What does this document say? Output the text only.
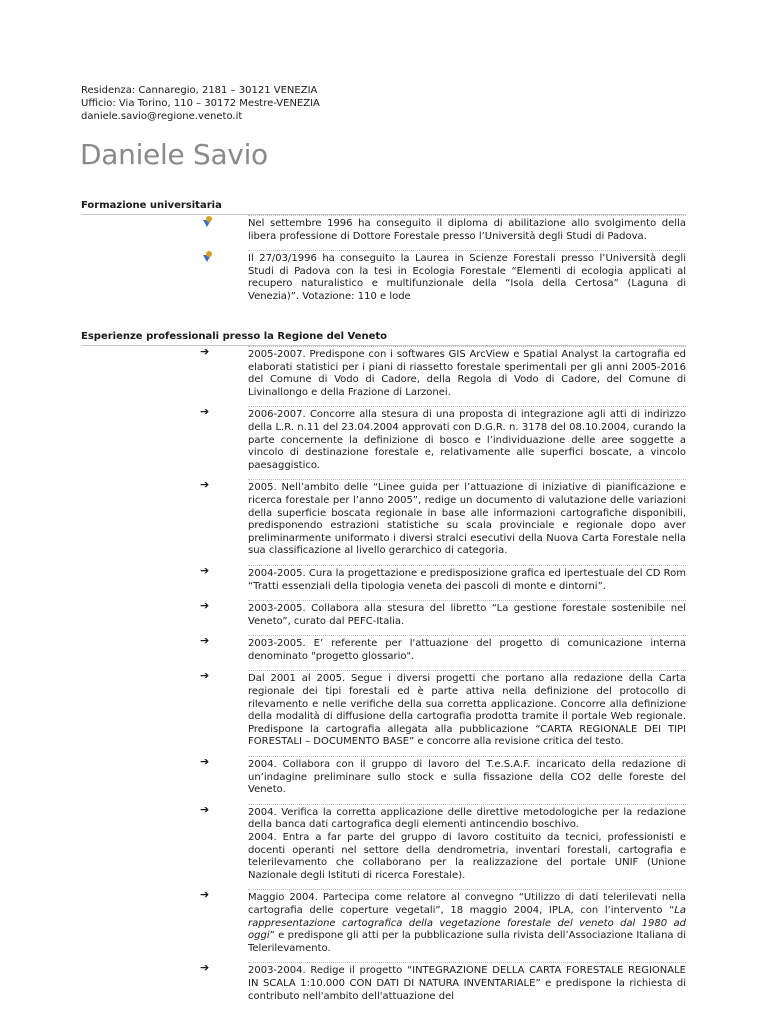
Residenza: Cannaregio, 2181 – 30121 VENEZIA
Ufficio: Via Torino, 110 – 30172 Mestre-VENEZIA
daniele.savio@regione.veneto.it
Daniele Savio
Formazione universitaria
Nel settembre 1996 ha conseguito il diploma di abilitazione allo svolgimento della libera professione di Dottore Forestale presso l’Università degli Studi di Padova.
Il 27/03/1996 ha conseguito la Laurea in Scienze Forestali presso l’Università degli Studi di Padova con la tesi in Ecologia Forestale “Elementi di ecologia applicati al recupero naturalistico e multifunzionale della “Isola della Certosa” (Laguna di Venezia)”. Votazione: 110 e lode
Esperienze professionali presso la Regione del Veneto
➔	2005-2007. Predispone con i softwares GIS ArcView e Spatial Analyst la cartografia ed elaborati statistici per i piani di riassetto forestale sperimentali per gli anni 2005-2016 del Comune di Vodo di Cadore, della Regola di Vodo di Cadore, del Comune di Livinallongo e della Frazione di Larzonei.
➔	2006-2007. Concorre alla stesura di una proposta di integrazione agli atti di indirizzo della L.R. n.11 del 23.04.2004 approvati con D.G.R. n. 3178 del 08.10.2004, curando la parte concernente la definizione di bosco e l’individuazione delle aree soggette a vincolo di destinazione forestale e, relativamente alle superfici boscate, a vincolo paesaggistico.
➔	2005. Nell’ambito delle “Linee guida per l’attuazione di iniziative di pianificazione e ricerca forestale per l’anno 2005”, redige un documento di valutazione delle variazioni della superficie boscata regionale in base alle informazioni cartografiche disponibili, predisponendo estrazioni statistiche su scala provinciale e regionale dopo aver preliminarmente uniformato i diversi stralci esecutivi della Nuova Carta Forestale nella sua classificazione al livello gerarchico di categoria.
➔	2004-2005. Cura la progettazione e predisposizione grafica ed ipertestuale del CD Rom “Tratti essenziali della tipologia veneta dei pascoli di monte e dintorni”.
➔	2003-2005. Collabora alla stesura del libretto “La gestione forestale sostenibile nel Veneto”, curato dal PEFC-Italia.
➔	2003-2005. E’ referente per l'attuazione del progetto di comunicazione interna denominato "progetto glossario".
➔	Dal 2001 al 2005. Segue i diversi progetti che portano alla redazione della Carta regionale dei tipi forestali ed è parte attiva nella definizione del protocollo di rilevamento e nelle verifiche della sua corretta applicazione. Concorre alla definizione della modalità di diffusione della cartografia prodotta tramite il portale Web regionale. Predispone la cartografia allegata alla pubblicazione “CARTA REGIONALE DEI TIPI FORESTALI – DOCUMENTO BASE” e concorre alla revisione critica del testo.
➔	2004. Collabora con il gruppo di lavoro del T.e.S.A.F. incaricato della redazione di un’indagine preliminare sullo stock e sulla fissazione della CO2 delle foreste del Veneto.
➔	2004. Verifica la corretta applicazione delle direttive metodologiche per la redazione della banca dati cartografica degli elementi antincendio boschivo.
2004. Entra a far parte del gruppo di lavoro costituito da tecnici, professionisti e docenti operanti nel settore della dendrometria, inventari forestali, cartografia e telerilevamento che collaborano per la realizzazione del portale UNIF (Unione Nazionale degli Istituti di ricerca Forestale).
➔	Maggio 2004. Partecipa come relatore al convegno “Utilizzo di dati telerilevati nella cartografia delle coperture vegetali”, 18 maggio 2004, IPLA, con l’intervento “La rappresentazione cartografica della vegetazione forestale del veneto dal 1980 ad oggi” e predispone gli atti per la pubblicazione sulla rivista dell’Associazione Italiana di Telerilevamento.
➔	2003-2004. Redige il progetto “INTEGRAZIONE DELLA CARTA FORESTALE REGIONALE IN SCALA 1:10.000 CON DATI DI NATURA INVENTARIALE” e predispone la richiesta di contributo nell'ambito dell'attuazione del
